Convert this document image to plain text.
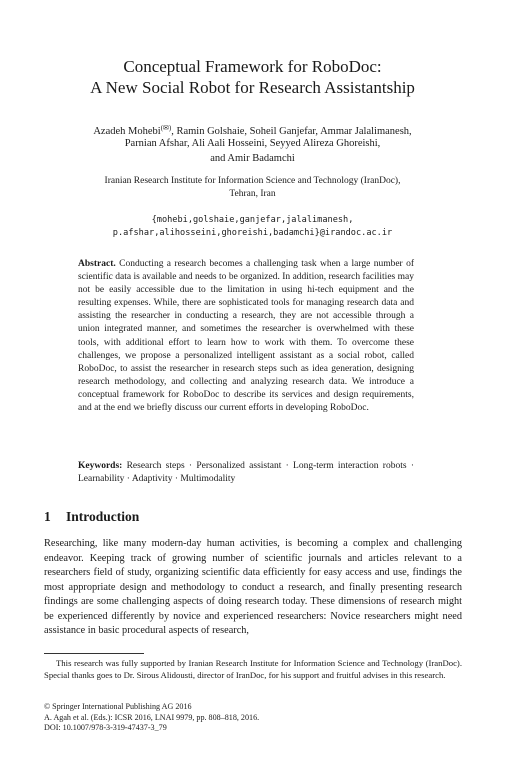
Conceptual Framework for RoboDoc:
A New Social Robot for Research Assistantship
Azadeh Mohebi(✉), Ramin Golshaie, Soheil Ganjefar, Ammar Jalalimanesh,
Parnian Afshar, Ali Aali Hosseini, Seyyed Alireza Ghoreishi,
and Amir Badamchi
Iranian Research Institute for Information Science and Technology (IranDoc),
Tehran, Iran
{mohebi,golshaie,ganjefar,jalalimanesh,
p.afshar,alihosseini,ghoreishi,badamchi}@irandoc.ac.ir
Abstract. Conducting a research becomes a challenging task when a large number of scientific data is available and needs to be organized. In addition, research facilities may not be easily accessible due to the limitation in using hi-tech equipment and the resulting expenses. While, there are sophisticated tools for managing research data and assisting the researcher in conducting a research, they are not accessible through a union integrated manner, and sometimes the researcher is overwhelmed with these tools, with additional effort to learn how to work with them. To overcome these challenges, we propose a personalized intelligent assistant as a social robot, called RoboDoc, to assist the researcher in research steps such as idea generation, designing research methodology, and collecting and analyzing research data. We introduce a conceptual framework for RoboDoc to describe its services and design requirements, and at the end we briefly discuss our current efforts in developing RoboDoc.
Keywords: Research steps · Personalized assistant · Long-term interaction robots · Learnability · Adaptivity · Multimodality
1 Introduction
Researching, like many modern-day human activities, is becoming a complex and challenging endeavor. Keeping track of growing number of scientific journals and articles relevant to a researchers field of study, organizing scientific data efficiently for easy access and use, findings the most appropriate design and methodology to conduct a research, and finally presenting research findings are some challenging aspects of doing research today. These dimensions of research might be experienced differently by novice and experienced researchers: Novice researchers might need assistance in basic procedural aspects of research,
This research was fully supported by Iranian Research Institute for Information Science and Technology (IranDoc). Special thanks goes to Dr. Sirous Alidousti, director of IranDoc, for his support and fruitful advises in this research.
© Springer International Publishing AG 2016
A. Agah et al. (Eds.): ICSR 2016, LNAI 9979, pp. 808–818, 2016.
DOI: 10.1007/978-3-319-47437-3_79
